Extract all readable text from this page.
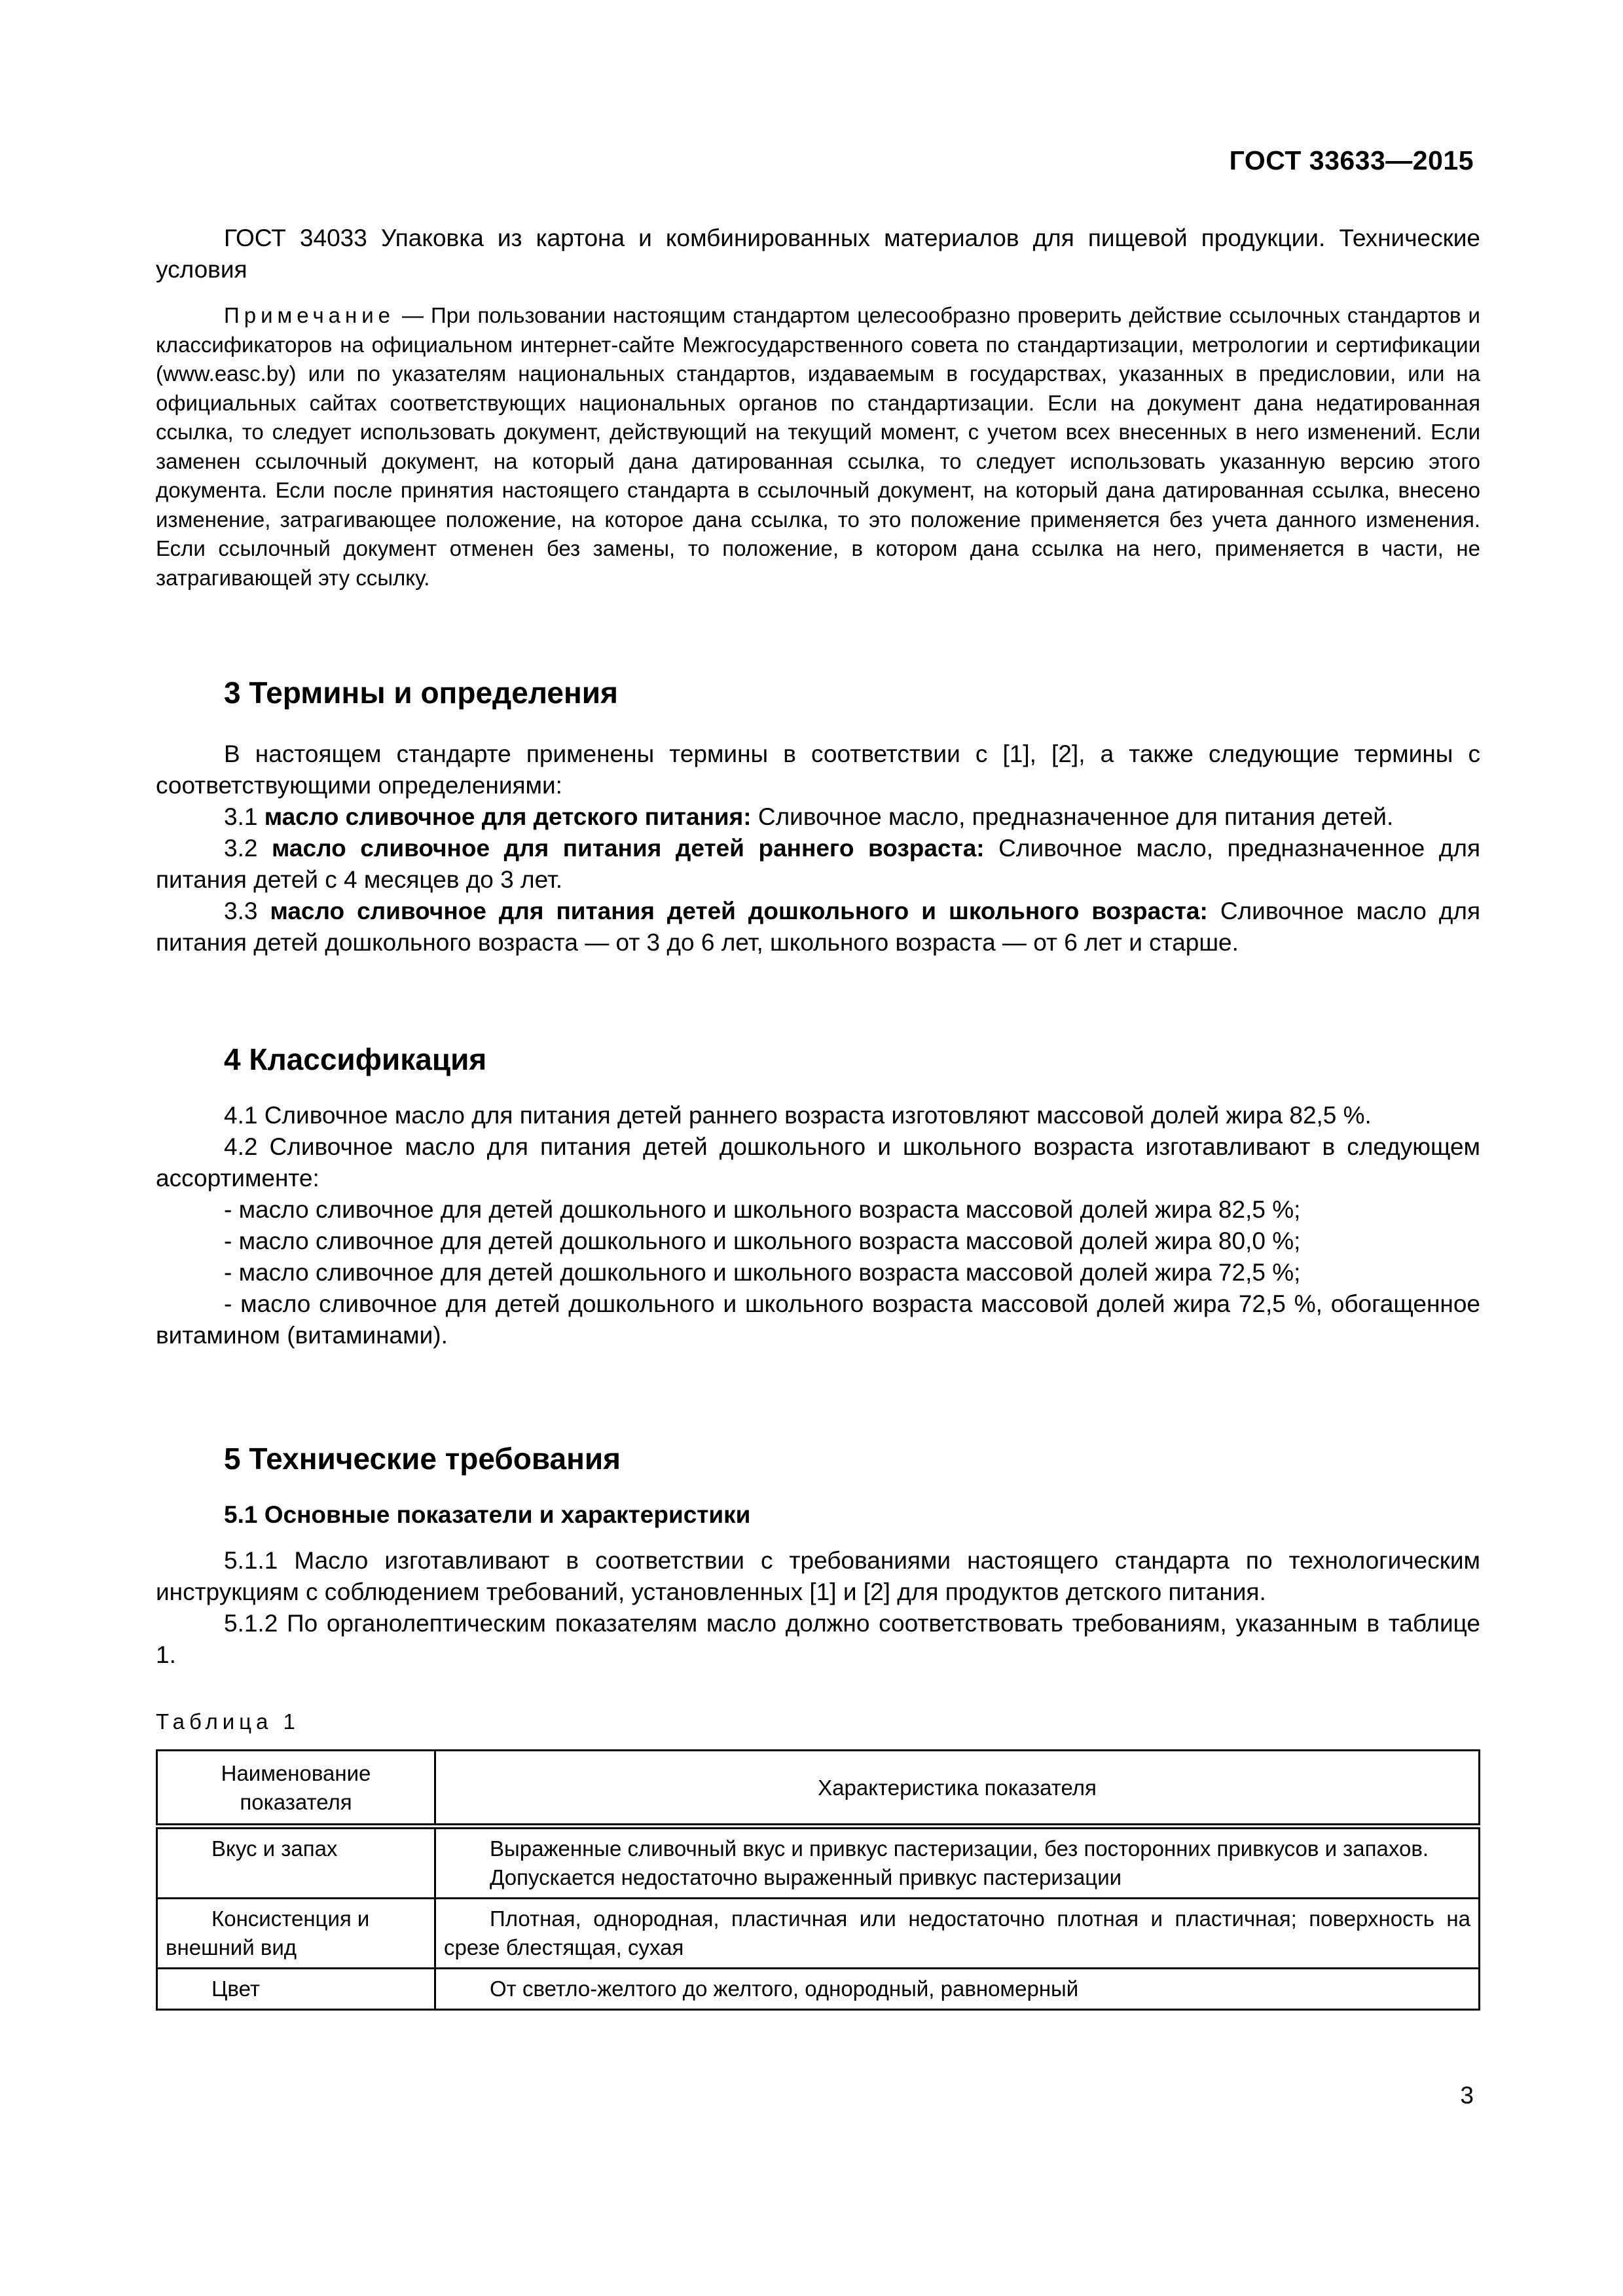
ГОСТ 33633—2015

ГОСТ 34033 Упаковка из картона и комбинированных материалов для пищевой продукции. Технические условия

Примечание — При пользовании настоящим стандартом целесообразно проверить действие ссылочных стандартов и классификаторов на официальном интернет-сайте Межгосударственного совета по стандартизации, метрологии и сертификации (www.easc.by) или по указателям национальных стандартов, издаваемым в государствах, указанных в предисловии, или на официальных сайтах соответствующих национальных органов по стандартизации. Если на документ дана недатированная ссылка, то следует использовать документ, действующий на текущий момент, с учетом всех внесенных в него изменений. Если заменен ссылочный документ, на который дана датированная ссылка, то следует использовать указанную версию этого документа. Если после принятия настоящего стандарта в ссылочный документ, на который дана датированная ссылка, внесено изменение, затрагивающее положение, на которое дана ссылка, то это положение применяется без учета данного изменения. Если ссылочный документ отменен без замены, то положение, в котором дана ссылка на него, применяется в части, не затрагивающей эту ссылку.

3 Термины и определения

В настоящем стандарте применены термины в соответствии с [1], [2], а также следующие термины с соответствующими определениями:

3.1 масло сливочное для детского питания: Сливочное масло, предназначенное для питания детей.

3.2 масло сливочное для питания детей раннего возраста: Сливочное масло, предназначенное для питания детей с 4 месяцев до 3 лет.

3.3 масло сливочное для питания детей дошкольного и школьного возраста: Сливочное масло для питания детей дошкольного возраста — от 3 до 6 лет, школьного возраста — от 6 лет и старше.

4 Классификация

4.1 Сливочное масло для питания детей раннего возраста изготовляют массовой долей жира 82,5 %.

4.2 Сливочное масло для питания детей дошкольного и школьного возраста изготавливают в следующем ассортименте:

- масло сливочное для детей дошкольного и школьного возраста массовой долей жира 82,5 %;

- масло сливочное для детей дошкольного и школьного возраста массовой долей жира 80,0 %;

- масло сливочное для детей дошкольного и школьного возраста массовой долей жира 72,5 %;

- масло сливочное для детей дошкольного и школьного возраста массовой долей жира 72,5 %, обогащенное витамином (витаминами).

5 Технические требования
5.1 Основные показатели и характеристики

5.1.1 Масло изготавливают в соответствии с требованиями настоящего стандарта по технологическим инструкциям с соблюдением требований, установленных [1] и [2] для продуктов детского питания.

5.1.2 По органолептическим показателям масло должно соответствовать требованиям, указанным в таблице 1.

Таблица 1

Наименование показателя	Характеристика показателя
Вкус и запах	Выраженные сливочный вкус и привкус пастеризации, без посторонних привкусов и запахов.

Допускается недостаточно выраженный привкус пастеризации

Консистенция и внешний вид	Плотная, однородная, пластичная или недостаточно плотная и пластичная; поверхность на срезе блестящая, сухая

Цвет	От светло-желтого до желтого, однородный, равномерный

3
